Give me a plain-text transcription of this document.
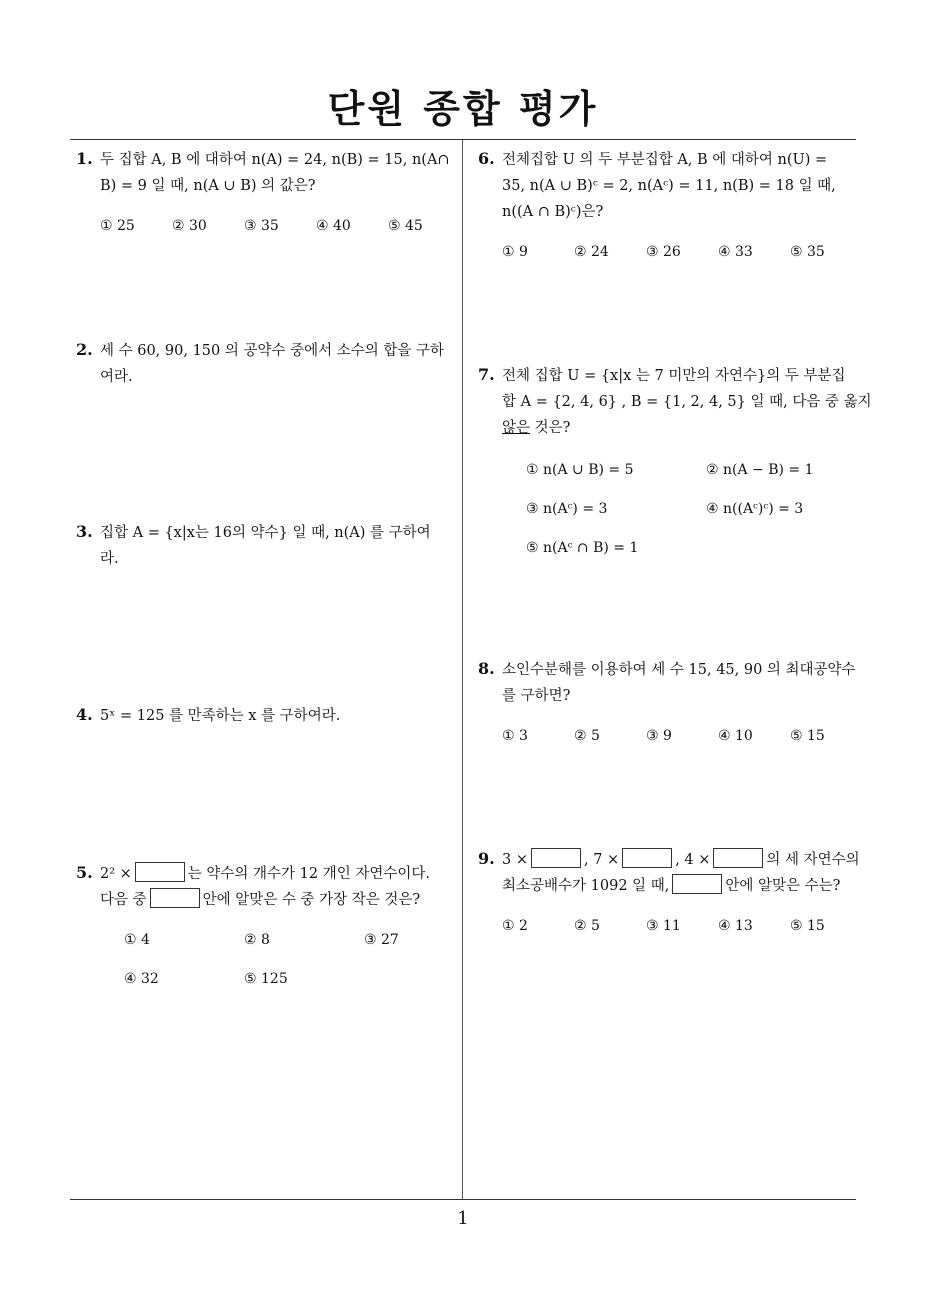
단원 종합 평가
1. 두 집합 A, B 에 대하여 n(A) = 24, n(B) = 15, n(A∩
B) = 9 일 때, n(A ∪ B) 의 값은?
① 25	② 30	③ 35	④ 40	⑤ 45
2. 세 수 60, 90, 150 의 공약수 중에서 소수의 합을 구하
여라.
3. 집합 A = {x|x는 16의 약수} 일 때, n(A) 를 구하여
라.
4. 5ˣ = 125 를 만족하는 x 를 구하여라.
5. 2² ×	는 약수의 개수가 12 개인 자연수이다.
다음 중	안에 알맞은 수 중 가장 작은 것은?
① 4	② 8	③ 27
④ 32	⑤ 125
6. 전체집합 U 의 두 부분집합 A, B 에 대하여 n(U) =
35, n(A ∪ B)ᶜ = 2, n(Aᶜ) = 11, n(B) = 18 일 때,
n((A ∩ B)ᶜ)은?
① 9	② 24	③ 26	④ 33	⑤ 35
7. 전체 집합 U = {x|x 는 7 미만의 자연수}의 두 부분집
합 A = {2, 4, 6} , B = {1, 2, 4, 5} 일 때, 다음 중 옳지
않은 것은?
① n(A ∪ B) = 5	② n(A − B) = 1
③ n(Aᶜ) = 3	④ n((Aᶜ)ᶜ) = 3
⑤ n(Aᶜ ∩ B) = 1
8. 소인수분해를 이용하여 세 수 15, 45, 90 의 최대공약수
를 구하면?
① 3	② 5	③ 9	④ 10	⑤ 15
9. 3 ×	, 7 ×	, 4 ×	의 세 자연수의
최소공배수가 1092 일 때,	안에 알맞은 수는?
① 2	② 5	③ 11	④ 13	⑤ 15
1
